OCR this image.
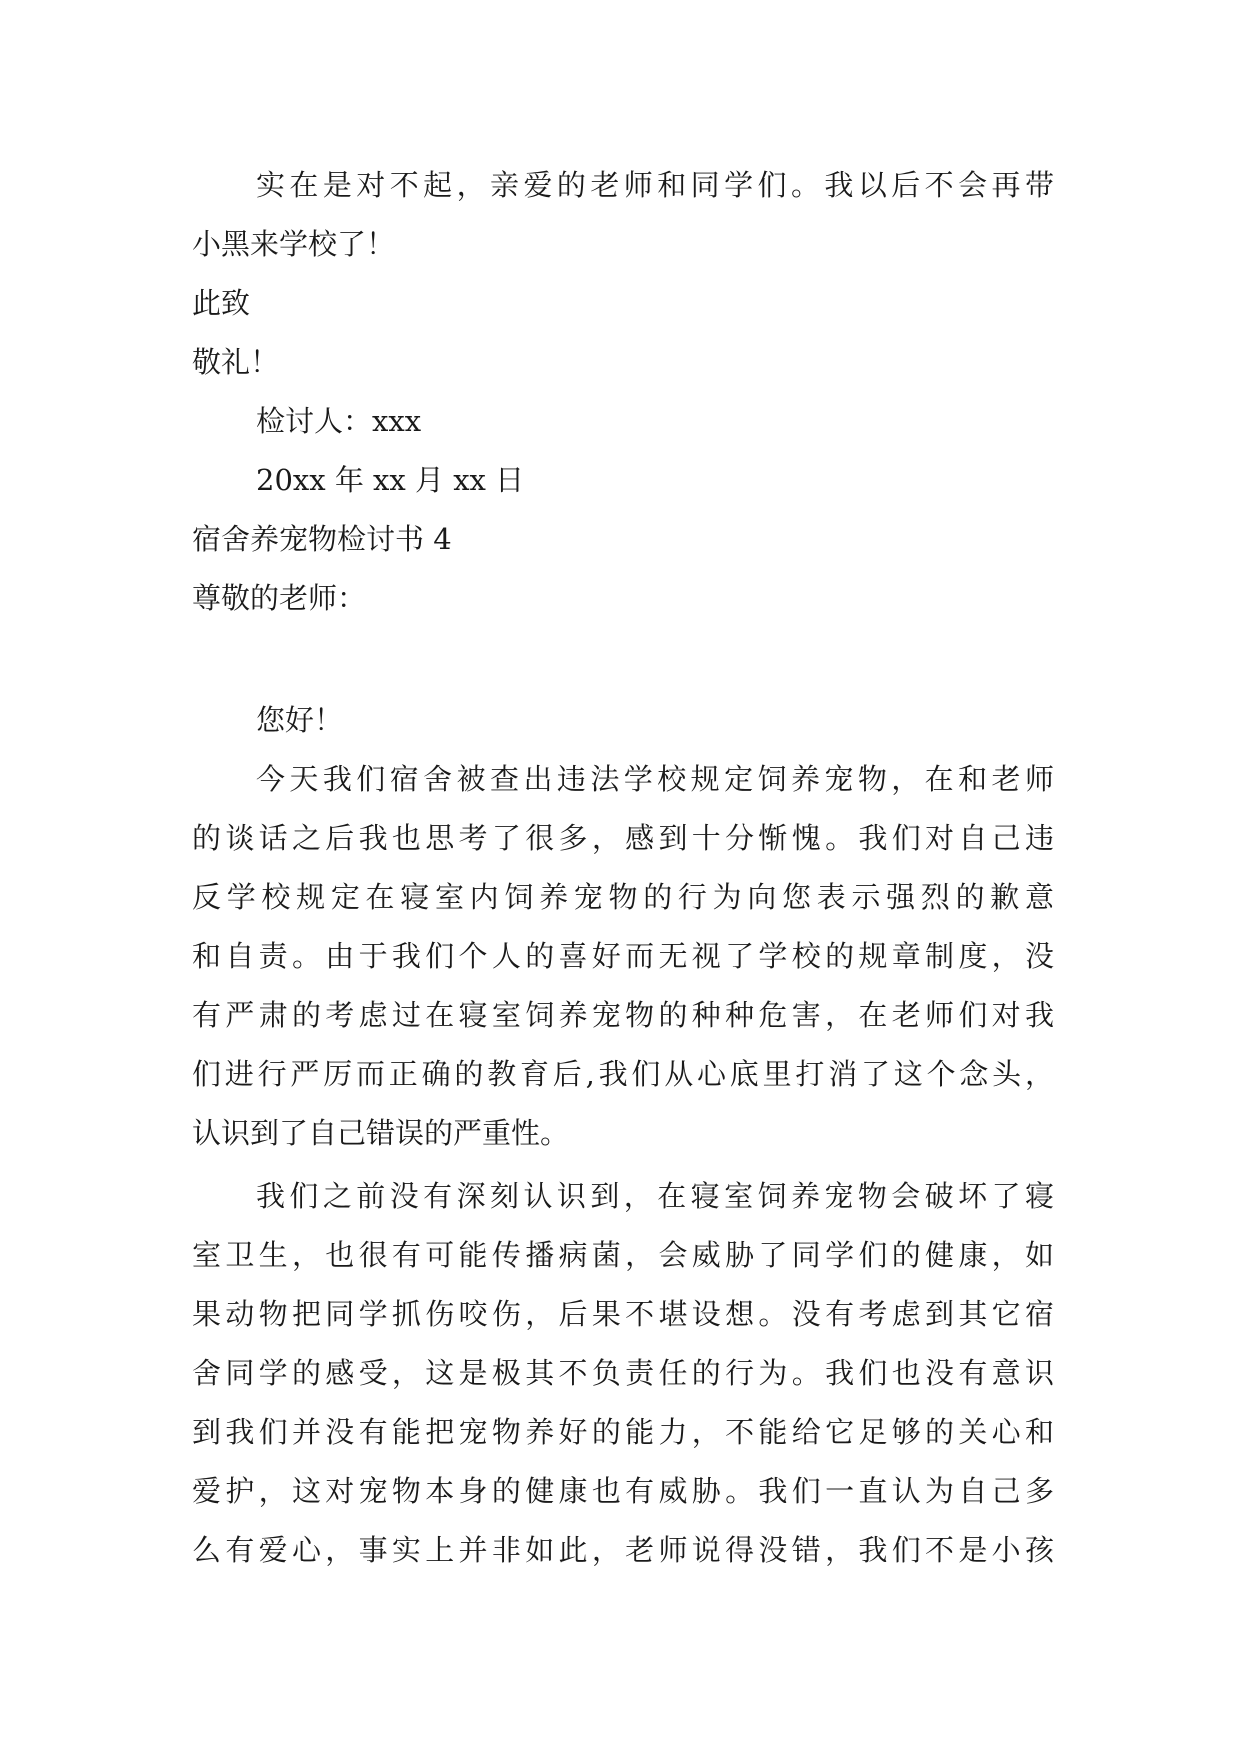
实在是对不起，亲爱的老师和同学们。我以后不会再带
小黑来学校了！
此致
敬礼！
检讨人：xxx
20xx 年 xx 月 xx 日
宿舍养宠物检讨书 4
尊敬的老师：
您好！
今天我们宿舍被查出违法学校规定饲养宠物，在和老师
的谈话之后我也思考了很多，感到十分惭愧。我们对自己违
反学校规定在寝室内饲养宠物的行为向您表示强烈的歉意
和自责。由于我们个人的喜好而无视了学校的规章制度，没
有严肃的考虑过在寝室饲养宠物的种种危害，在老师们对我
们进行严厉而正确的教育后,我们从心底里打消了这个念头，
认识到了自己错误的严重性。
我们之前没有深刻认识到，在寝室饲养宠物会破坏了寝
室卫生，也很有可能传播病菌，会威胁了同学们的健康，如
果动物把同学抓伤咬伤，后果不堪设想。没有考虑到其它宿
舍同学的感受，这是极其不负责任的行为。我们也没有意识
到我们并没有能把宠物养好的能力，不能给它足够的关心和
爱护，这对宠物本身的健康也有威胁。我们一直认为自己多
么有爱心，事实上并非如此，老师说得没错，我们不是小孩
